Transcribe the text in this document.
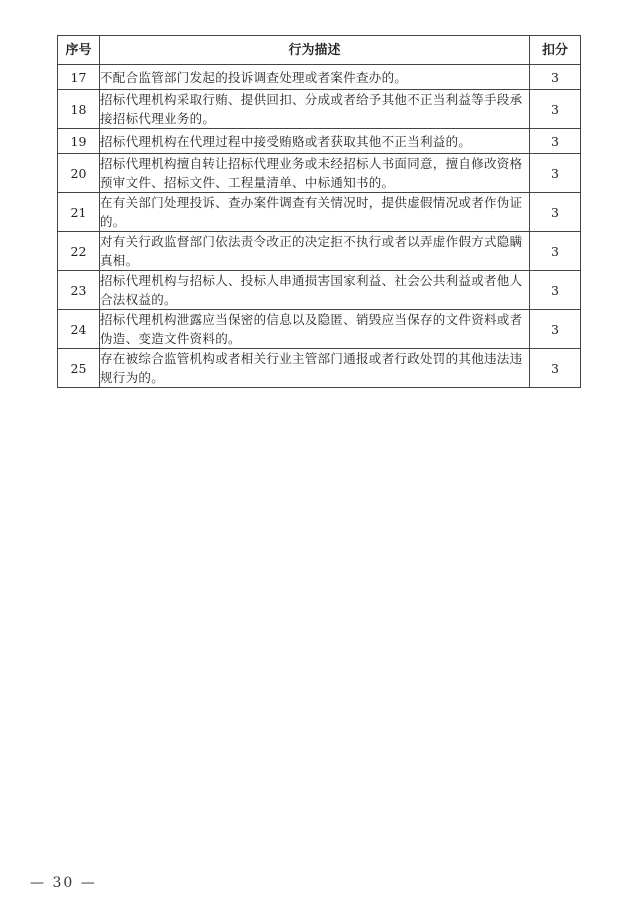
序号	行为描述	扣分
17	不配合监管部门发起的投诉调查处理或者案件查办的。	3
18	招标代理机构采取行贿、提供回扣、分成或者给予其他不正当利益等手段承接招标代理业务的。	3
19	招标代理机构在代理过程中接受贿赂或者获取其他不正当利益的。	3
20	招标代理机构擅自转让招标代理业务或未经招标人书面同意，擅自修改资格预审文件、招标文件、工程量清单、中标通知书的。	3
21	在有关部门处理投诉、查办案件调查有关情况时，提供虚假情况或者作伪证的。	3
22	对有关行政监督部门依法责令改正的决定拒不执行或者以弄虚作假方式隐瞒真相。	3
23	招标代理机构与招标人、投标人串通损害国家利益、社会公共利益或者他人合法权益的。	3
24	招标代理机构泄露应当保密的信息以及隐匿、销毁应当保存的文件资料或者伪造、变造文件资料的。	3
25	存在被综合监管机构或者相关行业主管部门通报或者行政处罚的其他违法违规行为的。	3
— 30 —
